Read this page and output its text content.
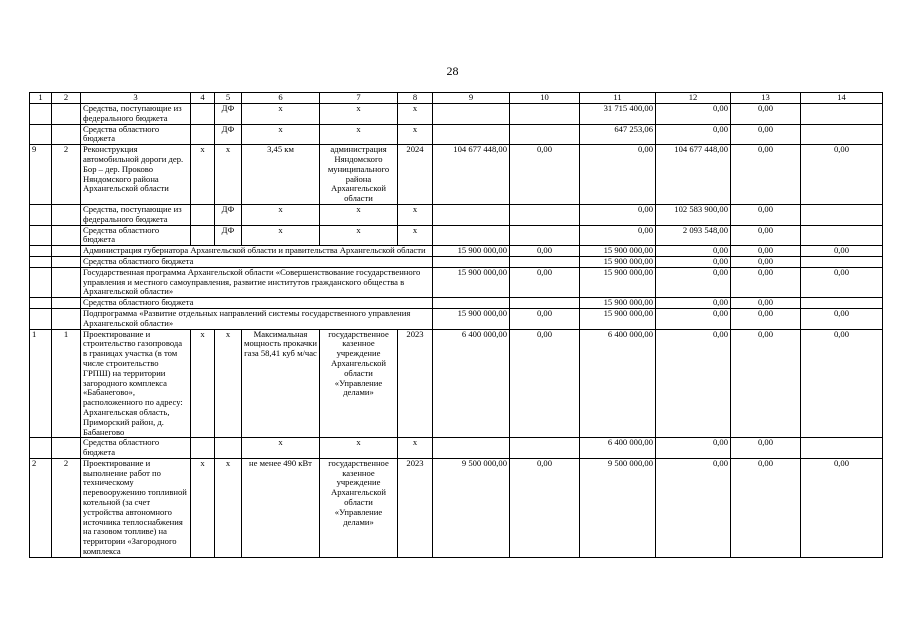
28
1	2	3	4	5	6	7	8	9	10	11	12	13	14
		Средства, поступающие из федерального бюджета		ДФ	х	х	х			31 715 400,00	0,00	0,00	
		Средства областного бюджета		ДФ	х	х	х			647 253,06	0,00	0,00	
9	2	Реконструкция автомобильной дороги дер. Бор – дер. Проково Няндомского района Архангельской области	х	х	3,45 км	администрация Няндомского муниципального района Архангельской области	2024	104 677 448,00	0,00	0,00	104 677 448,00	0,00	0,00
		Средства, поступающие из федерального бюджета		ДФ	х	х	х			0,00	102 583 900,00	0,00	
		Средства областного бюджета		ДФ	х	х	х			0,00	2 093 548,00	0,00	
		Администрация губернатора Архангельской области и правительства Архангельской области						15 900 000,00	0,00	15 900 000,00	0,00	0,00	0,00
		Средства областного бюджета								15 900 000,00	0,00	0,00	
		Государственная программа Архангельской области «Совершенствование государственного управления и местного самоуправления, развитие институтов гражданского общества в Архангельской области»						15 900 000,00	0,00	15 900 000,00	0,00	0,00	0,00
		Средства областного бюджета								15 900 000,00	0,00	0,00	
		Подпрограмма «Развитие отдельных направлений системы государственного управления Архангельской области»						15 900 000,00	0,00	15 900 000,00	0,00	0,00	0,00
1	1	Проектирование и строительство газопровода в границах участка (в том числе строительство ГРПШ) на территории загородного комплекса «Бабанегово», расположенного по адресу: Архангельская область, Приморский район, д. Бабанегово	х	х	Максимальная мощность прокачки газа 58,41 куб м/час	государственное казенное учреждение Архангельской области «Управление делами»	2023	6 400 000,00	0,00	6 400 000,00	0,00	0,00	0,00
		Средства областного бюджета			х	х	х			6 400 000,00	0,00	0,00	
2	2	Проектирование и выполнение работ по техническому перевооружению топливной котельной (за счет устройства автономного источника теплоснабжения на газовом топливе) на территории «Загородного комплекса	х	х	не менее 490 кВт	государственное казенное учреждение Архангельской области «Управление делами»	2023	9 500 000,00	0,00	9 500 000,00	0,00	0,00	0,00
